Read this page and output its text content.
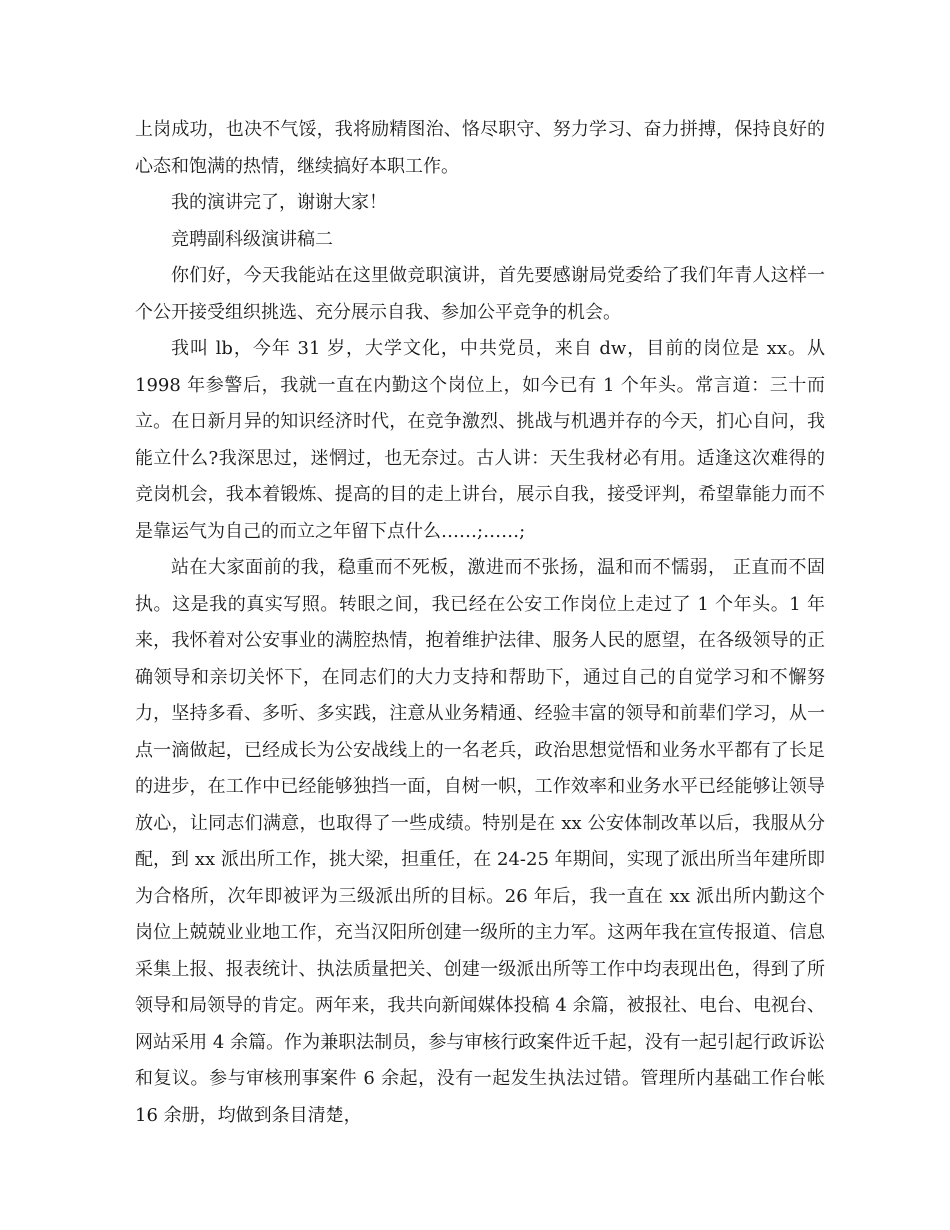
上岗成功，也决不气馁，我将励精图治、恪尽职守、努力学习、奋力拼搏，保持良好的心态和饱满的热情，继续搞好本职工作。

我的演讲完了，谢谢大家！

竞聘副科级演讲稿二

你们好，今天我能站在这里做竞职演讲，首先要感谢局党委给了我们年青人这样一个公开接受组织挑选、充分展示自我、参加公平竞争的机会。

我叫 lb，今年 31 岁，大学文化，中共党员，来自 dw，目前的岗位是 xx。从 1998 年参警后，我就一直在内勤这个岗位上，如今已有 1 个年头。常言道：三十而立。在日新月异的知识经济时代，在竞争激烈、挑战与机遇并存的今天，扪心自问，我能立什么?我深思过，迷惘过，也无奈过。古人讲：天生我材必有用。适逢这次难得的竞岗机会，我本着锻炼、提高的目的走上讲台，展示自我，接受评判，希望靠能力而不是靠运气为自己的而立之年留下点什么……;……;

站在大家面前的我，稳重而不死板，激进而不张扬，温和而不懦弱， 正直而不固执。这是我的真实写照。转眼之间，我已经在公安工作岗位上走过了 1 个年头。1 年来，我怀着对公安事业的满腔热情，抱着维护法律、服务人民的愿望，在各级领导的正确领导和亲切关怀下，在同志们的大力支持和帮助下，通过自己的自觉学习和不懈努力，坚持多看、多听、多实践，注意从业务精通、经验丰富的领导和前辈们学习，从一点一滴做起，已经成长为公安战线上的一名老兵，政治思想觉悟和业务水平都有了长足的进步，在工作中已经能够独挡一面，自树一帜，工作效率和业务水平已经能够让领导放心，让同志们满意，也取得了一些成绩。特别是在 xx 公安体制改革以后，我服从分配，到 xx 派出所工作，挑大梁，担重任，在 24-25 年期间，实现了派出所当年建所即为合格所，次年即被评为三级派出所的目标。26 年后，我一直在 xx 派出所内勤这个岗位上兢兢业业地工作，充当汉阳所创建一级所的主力军。这两年我在宣传报道、信息采集上报、报表统计、执法质量把关、创建一级派出所等工作中均表现出色，得到了所领导和局领导的肯定。两年来，我共向新闻媒体投稿 4 余篇，被报社、电台、电视台、网站采用 4 余篇。作为兼职法制员，参与审核行政案件近千起，没有一起引起行政诉讼和复议。参与审核刑事案件 6 余起，没有一起发生执法过错。管理所内基础工作台帐 16 余册，均做到条目清楚，
